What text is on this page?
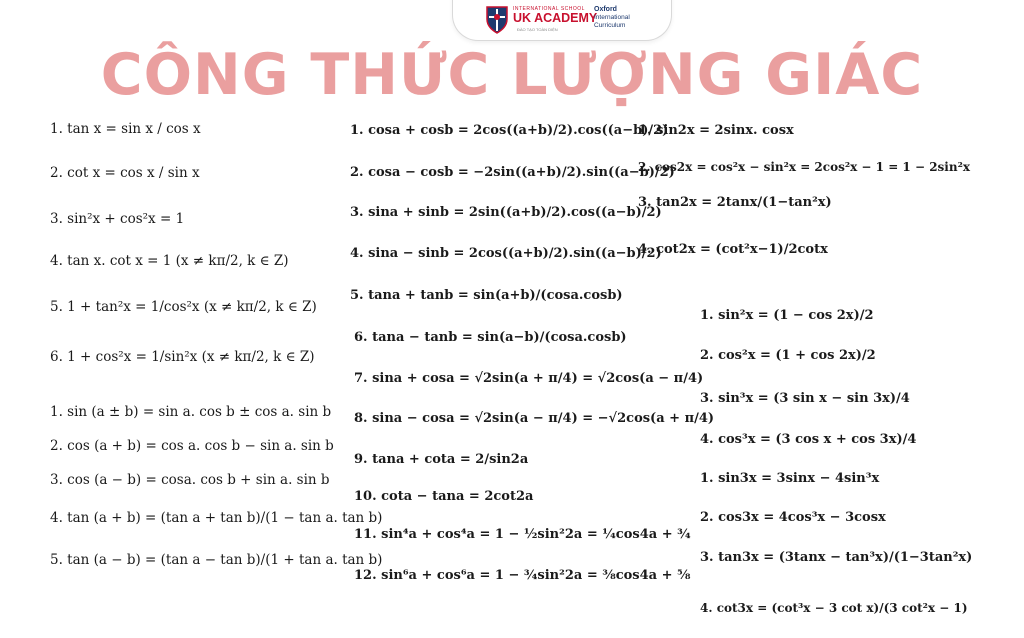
INTERNATIONAL SCHOOL
UK ACADEMY
ĐÀO TẠO TOÀN DIỆN
Oxford
International
Curriculum
CÔNG THỨC LƯỢNG GIÁC
1. tan x = sin x / cos x
2. cot x = cos x / sin x
3. sin²x + cos²x = 1
4. tan x. cot x = 1 (x ≠ kπ/2, k ∈ Z)
5. 1 + tan²x = 1/cos²x (x ≠ kπ/2, k ∈ Z)
6. 1 + cos²x = 1/sin²x (x ≠ kπ/2, k ∈ Z)
1. sin (a ± b) = sin a. cos b ± cos a. sin b
2. cos (a + b) = cos a. cos b − sin a. sin b
3. cos (a − b) = cosa. cos b + sin a. sin b
4. tan (a + b) = (tan a + tan b)/(1 − tan a. tan b)
5. tan (a − b) = (tan a − tan b)/(1 + tan a. tan b)
1. cosa + cosb = 2cos((a+b)/2).cos((a−b)/2)
2. cosa − cosb = −2sin((a+b)/2).sin((a−b)/2)
3. sina + sinb = 2sin((a+b)/2).cos((a−b)/2)
4. sina − sinb = 2cos((a+b)/2).sin((a−b)/2)
5. tana + tanb = sin(a+b)/(cosa.cosb)
6. tana − tanb = sin(a−b)/(cosa.cosb)
7. sina + cosa = √2sin(a + π/4) = √2cos(a − π/4)
8. sina − cosa = √2sin(a − π/4) = −√2cos(a + π/4)
9. tana + cota = 2/sin2a
10. cota − tana = 2cot2a
11. sin⁴a + cos⁴a = 1 − ½sin²2a = ¼cos4a + ¾
12. sin⁶a + cos⁶a = 1 − ¾sin²2a = ⅜cos4a + ⅝
1. sin2x = 2sinx. cosx
2. cos2x = cos²x − sin²x = 2cos²x − 1 = 1 − 2sin²x
3. tan2x = 2tanx/(1−tan²x)
4. cot2x = (cot²x−1)/2cotx
1. sin²x = (1 − cos 2x)/2
2. cos²x = (1 + cos 2x)/2
3. sin³x = (3 sin x − sin 3x)/4
4. cos³x = (3 cos x + cos 3x)/4
1. sin3x = 3sinx − 4sin³x
2. cos3x = 4cos³x − 3cosx
3. tan3x = (3tanx − tan³x)/(1−3tan²x)
4. cot3x = (cot³x − 3 cot x)/(3 cot²x − 1)
